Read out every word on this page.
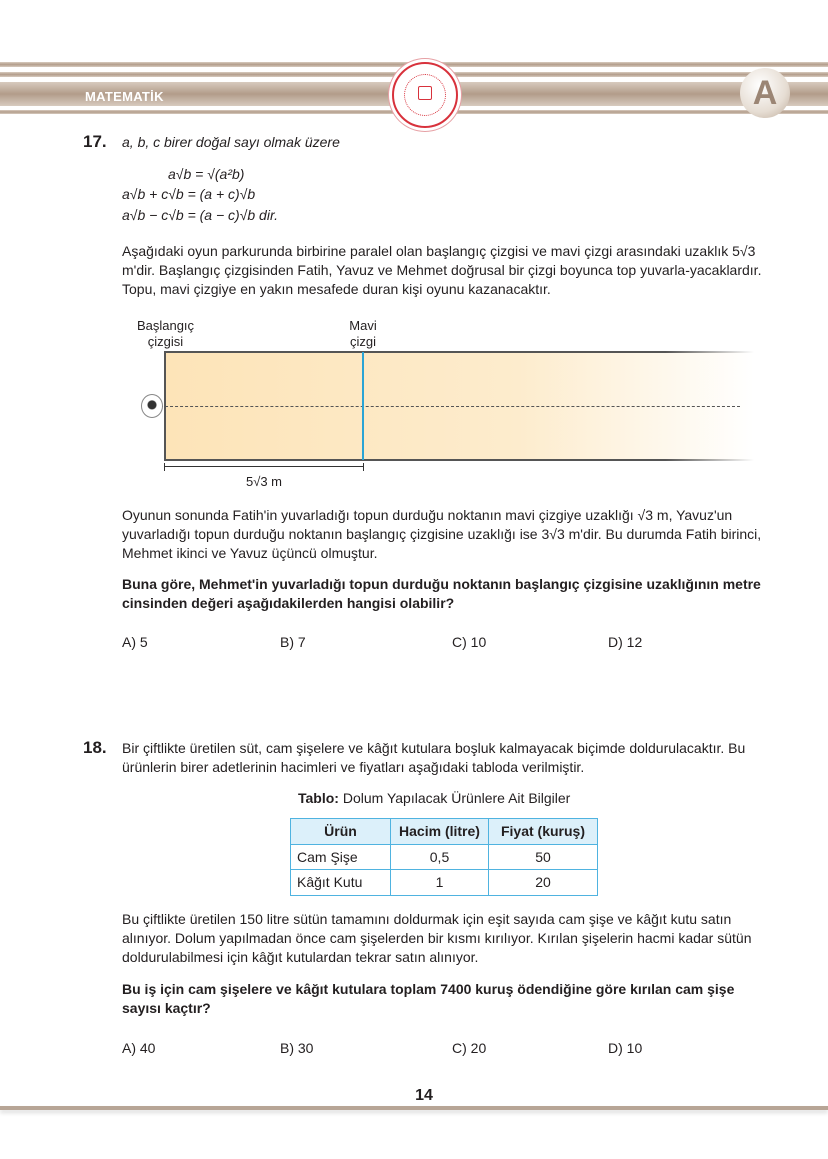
MATEMATİK	A
17. a, b, c birer doğal sayı olmak üzere
a√b = √(a²b)
a√b + c√b = (a + c)√b
a√b − c√b = (a − c)√b dir.
Aşağıdaki oyun parkurunda birbirine paralel olan başlangıç çizgisi ve mavi çizgi arasındaki uzaklık 5√3 m'dir. Başlangıç çizgisinden Fatih, Yavuz ve Mehmet doğrusal bir çizgi boyunca top yuvarla-yacaklardır. Topu, mavi çizgiye en yakın mesafede duran kişi oyunu kazanacaktır.
Başlangıç
çizgisi
Mavi
çizgi
5√3 m
Oyunun sonunda Fatih'in yuvarladığı topun durduğu noktanın mavi çizgiye uzaklığı √3 m, Yavuz'un yuvarladığı topun durduğu noktanın başlangıç çizgisine uzaklığı ise 3√3 m'dir. Bu durumda Fatih birinci, Mehmet ikinci ve Yavuz üçüncü olmuştur.
Buna göre, Mehmet'in yuvarladığı topun durduğu noktanın başlangıç çizgisine uzaklığının metre cinsinden değeri aşağıdakilerden hangisi olabilir?
A) 5	B) 7	C) 10	D) 12
18. Bir çiftlikte üretilen süt, cam şişelere ve kâğıt kutulara boşluk kalmayacak biçimde doldurulacaktır. Bu ürünlerin birer adetlerinin hacimleri ve fiyatları aşağıdaki tabloda verilmiştir.
Tablo: Dolum Yapılacak Ürünlere Ait Bilgiler
Ürün	Hacim (litre)	Fiyat (kuruş)
Cam Şişe	0,5	50
Kâğıt Kutu	1	20
Bu çiftlikte üretilen 150 litre sütün tamamını doldurmak için eşit sayıda cam şişe ve kâğıt kutu satın alınıyor. Dolum yapılmadan önce cam şişelerden bir kısmı kırılıyor. Kırılan şişelerin hacmi kadar sütün doldurulabilmesi için kâğıt kutulardan tekrar satın alınıyor.
Bu iş için cam şişelere ve kâğıt kutulara toplam 7400 kuruş ödendiğine göre kırılan cam şişe sayısı kaçtır?
A) 40	B) 30	C) 20	D) 10
14
